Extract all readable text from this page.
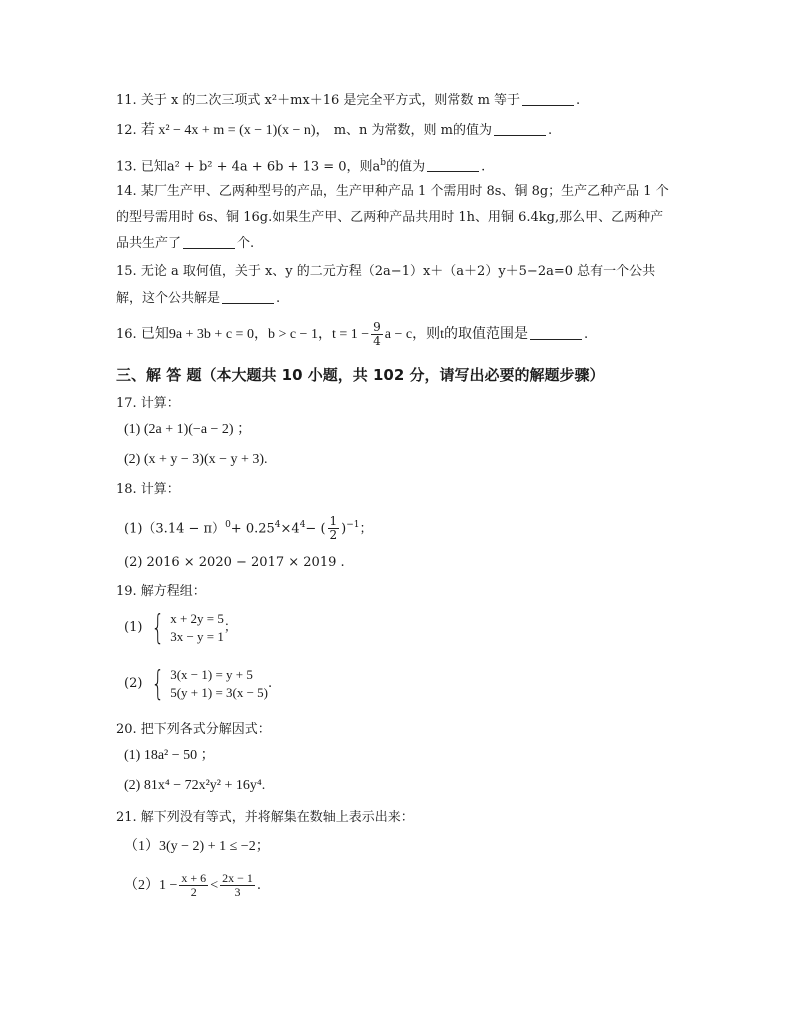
11. 关于 x 的二次三项式 x²＋mx＋16 是完全平方式，则常数 m 等于	.
12. 若 x² − 4x + m = (x − 1)(x − n)， m、n 为常数，则 m的值为	.
13. 已知a² + b² + 4a + 6b + 13 = 0，则$a^b$的值为	.
14. 某厂生产甲、乙两种型号的产品，生产甲种产品 1 个需用时 8s、铜 8g；生产乙种产品 1 个
的型号需用时 6s、铜 16g.如果生产甲、乙两种产品共用时 1h、用铜 6.4kg,那么甲、乙两种产
品共生产了	个.
15. 无论 a 取何值，关于 x、y 的二元方程（2a−1）x＋（a＋2）y＋5−2a=0 总有一个公共
解，这个公共解是	.
16. 已知9a + 3b + c = 0，b > c − 1，$t = 1 - \frac{9}{4}$ a − c，则t的取值范围是	.
三、解 答 题（本大题共 10 小题，共 102 分，请写出必要的解题步骤）
17. 计算：
(1) (2a + 1)(−a − 2) ；
(2) (x + y − 3)(x − y + 3).
18. 计算：
$(1)(3.14 - \pi)^0+ 0.25^4\times 4^4-$ ( $\frac{1}{2} )^{-1}$；
(2) 2016 × 2020 − 2017 × 2019 .
19. 解方程组：
(1) { x + 2y = 5
3x − y = 1
；
(2) { 3(x − 1) = y + 5
5(y + 1) = 3(x − 5)
.
20. 把下列各式分解因式：
(1) 18a² − 50 ；
(2) 81x⁴ − 72x²y² + 16y⁴.
21. 解下列没有等式，并将解集在数轴上表示出来：
（1）3(y − 2) + 1 ≤ −2；
$(2)1 - \frac{x + 6}{2} < \frac{2x - 1}{3}$ .
